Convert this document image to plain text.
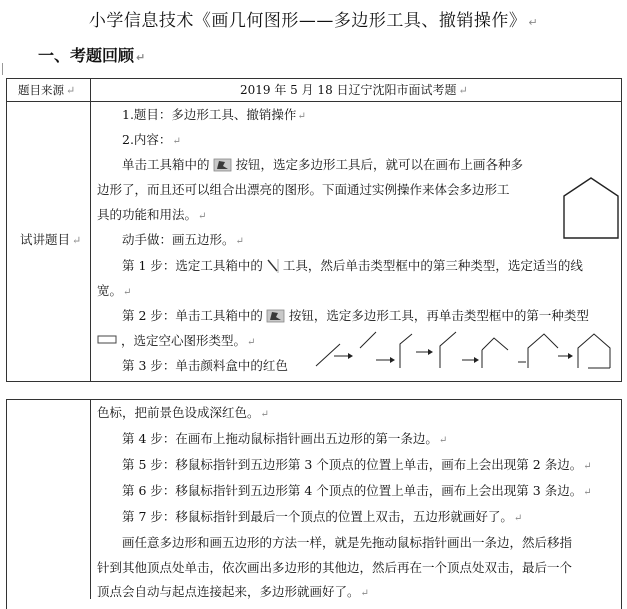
小学信息技术《画几何图形——多边形工具、撤销操作》 ↵
一、考题回顾 ↵
题目来源 ↵	2019 年 5 月 18 日辽宁沈阳市面试考题 ↵
试讲题目 ↵
1.题目：多边形工具、撤销操作↵
2.内容：↵
单击工具箱中的 按钮，选定多边形工具后，就可以在画布上画各种多
边形了，而且还可以组合出漂亮的图形。下面通过实例操作来体会多边形工
具的功能和用法。↵
动手做：画五边形。↵
第 1 步：选定工具箱中的 工具，然后单击类型框中的第三种类型，选定适当的线
宽。↵
第 2 步：单击工具箱中的 按钮，选定多边形工具，再单击类型框中的第一种类型
，选定空心图形类型。↵
第 3 步：单击颜料盒中的红色
色标，把前景色设成深红色。↵
第 4 步：在画布上拖动鼠标指针画出五边形的第一条边。↵
第 5 步：移鼠标指针到五边形第 3 个顶点的位置上单击，画布上会出现第 2 条边。↵
第 6 步：移鼠标指针到五边形第 4 个顶点的位置上单击，画布上会出现第 3 条边。↵
第 7 步：移鼠标指针到最后一个顶点的位置上双击，五边形就画好了。↵
画任意多边形和画五边形的方法一样，就是先拖动鼠标指针画出一条边，然后移指
针到其他顶点处单击，依次画出多边形的其他边，然后再在一个顶点处双击，最后一个
顶点会自动与起点连接起来，多边形就画好了。↵
